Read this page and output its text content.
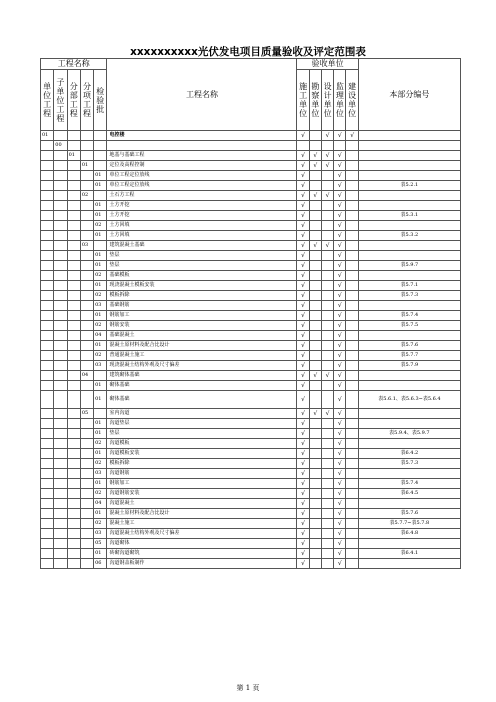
xxxxxxxxxx光伏发电项目质量验收及评定范围表
工程名称					工程名称	验收单位					本部分编号
单位工程	子单位工程	分部工程	分项工程	检验批		施工单位	勘察单位	设计单位	监理单位	建设单位	
01					电控楼	√		√	√	√	
	00										
		01			地基与基础工程	√	√	√	√		
			01		定位及高程控制	√	√	√	√		
				01	单位工程定位放线	√			√		
				01	单位工程定位放线	√			√		表5.2.1
			02		土石方工程	√	√	√	√		
				01	土方开挖	√			√		
				01	土方开挖	√			√		表5.3.1
				02	土方回填	√			√		
				01	土方回填	√			√		表5.3.2
			03		建筑混凝土基础	√	√	√	√		
				01	垫层	√			√		
				01	垫层	√			√		表5.9.7
				02	基础模板	√			√		
				01	现浇混凝土模板安装	√			√		表5.7.1
				02	模板拆除	√			√		表5.7.3
				03	基础钢筋	√			√		
				01	钢筋加工	√			√		表5.7.4
				02	钢筋安装	√			√		表5.7.5
				04	基础混凝土	√			√		
				01	混凝土原材料及配合比设计	√			√		表5.7.6
				02	普通混凝土施工	√			√		表5.7.7
				03	现浇混凝土结构外观及尺寸偏差	√			√		表5.7.9
			04		建筑砌体基础	√	√	√	√		
				01	砌体基础	√			√		
				01	砌体基础	√			√		表5.6.1、表5.6.3~表5.6.4
			05		室内沟道	√	√	√	√		
				01	沟道垫层	√			√		
				01	垫层	√			√		表5.9.4、表5.9.7
				02	沟道模板	√			√		
				01	沟道模板安装	√			√		表6.4.2
				02	模板拆除	√			√		表5.7.3
				03	沟道钢筋	√			√		
				01	钢筋加工	√			√		表5.7.4
				02	沟道钢筋安装	√			√		表6.4.5
				04	沟道混凝土	√			√		
				01	混凝土原材料及配合比设计	√			√		表5.7.6
				02	混凝土施工	√			√		表5.7.7~表5.7.8
				03	沟道混凝土结构外观及尺寸偏差	√			√		表6.4.8
				05	沟道砌体	√			√		
				01	砖砌沟道砌筑	√			√		表6.4.1
				06	沟道钢盖板制作	√			√		
第 1 页
